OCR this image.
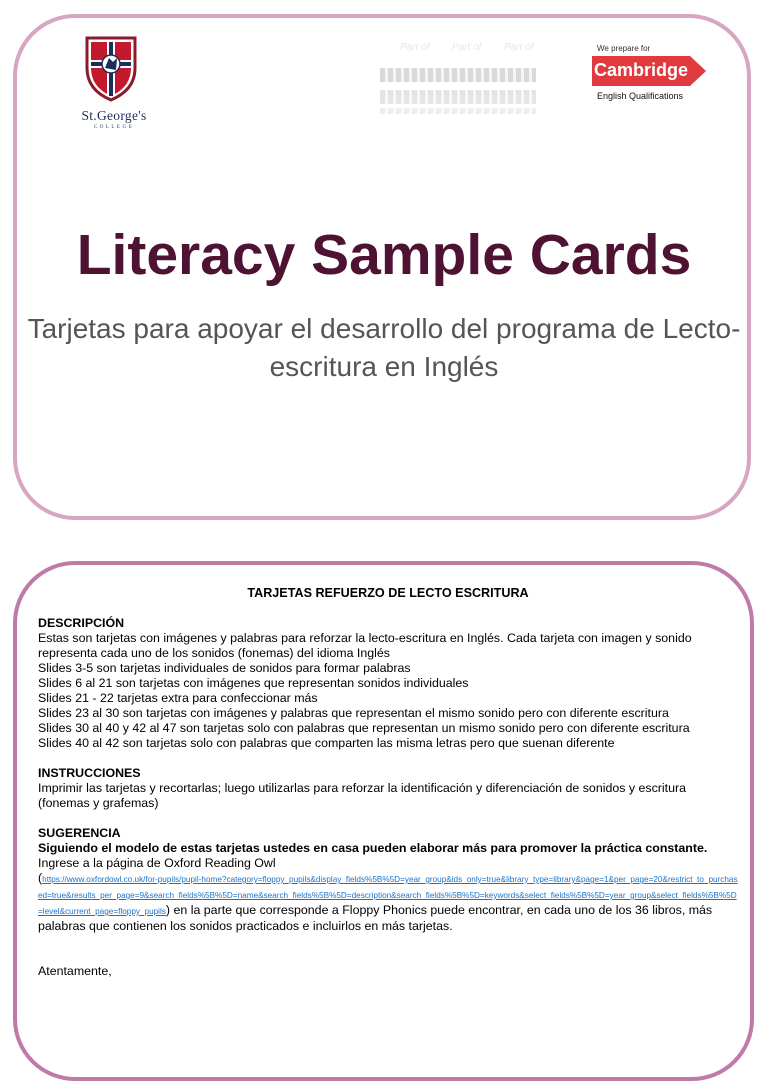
St.George's
COLLEGE
Part of Part of Part of	We prepare for
Cambridge
English Qualifications
Literacy Sample Cards
Tarjetas para apoyar el desarrollo del programa de Lecto-escritura en Inglés
TARJETAS REFUERZO DE LECTO ESCRITURA
DESCRIPCIÓN
Estas son tarjetas con imágenes y palabras para reforzar la lecto-escritura en Inglés. Cada tarjeta con imagen y sonido representa cada uno de los sonidos (fonemas) del idioma Inglés
Slides 3-5 son tarjetas individuales de sonidos para formar palabras
Slides 6 al 21 son tarjetas con imágenes que representan sonidos individuales
Slides 21 - 22 tarjetas extra para confeccionar más
Slides 23 al 30 son tarjetas con imágenes y palabras que representan el mismo sonido pero con diferente escritura
Slides 30 al 40 y 42 al 47 son tarjetas solo con palabras que representan un mismo sonido pero con diferente escritura
Slides 40 al 42 son tarjetas solo con palabras que comparten las misma letras pero que suenan diferente
INSTRUCCIONES
Imprimir las tarjetas y recortarlas; luego utilizarlas para reforzar la identificación y diferenciación de sonidos y escritura (fonemas y grafemas)
SUGERENCIA
Siguiendo el modelo de estas tarjetas ustedes en casa pueden elaborar más para promover la práctica constante.
Ingrese a la página de Oxford Reading Owl
(https://www.oxfordowl.co.uk/for-pupils/pupil-home?category=floppy_pupils&display_fields%5B%5D=year_group&ids_only=true&library_type=library&page=1&per_page=20&restrict_to_purchased=true&results_per_page=9&search_fields%5B%5D=name&search_fields%5B%5D=description&search_fields%5B%5D=keywords&select_fields%5B%5D=year_group&select_fields%5B%5D=level&current_page=floppy_pupils) en la parte que corresponde a Floppy Phonics puede encontrar, en cada uno de los 36 libros, más palabras que contienen los sonidos practicados e incluirlos en más tarjetas.
Atentamente,
